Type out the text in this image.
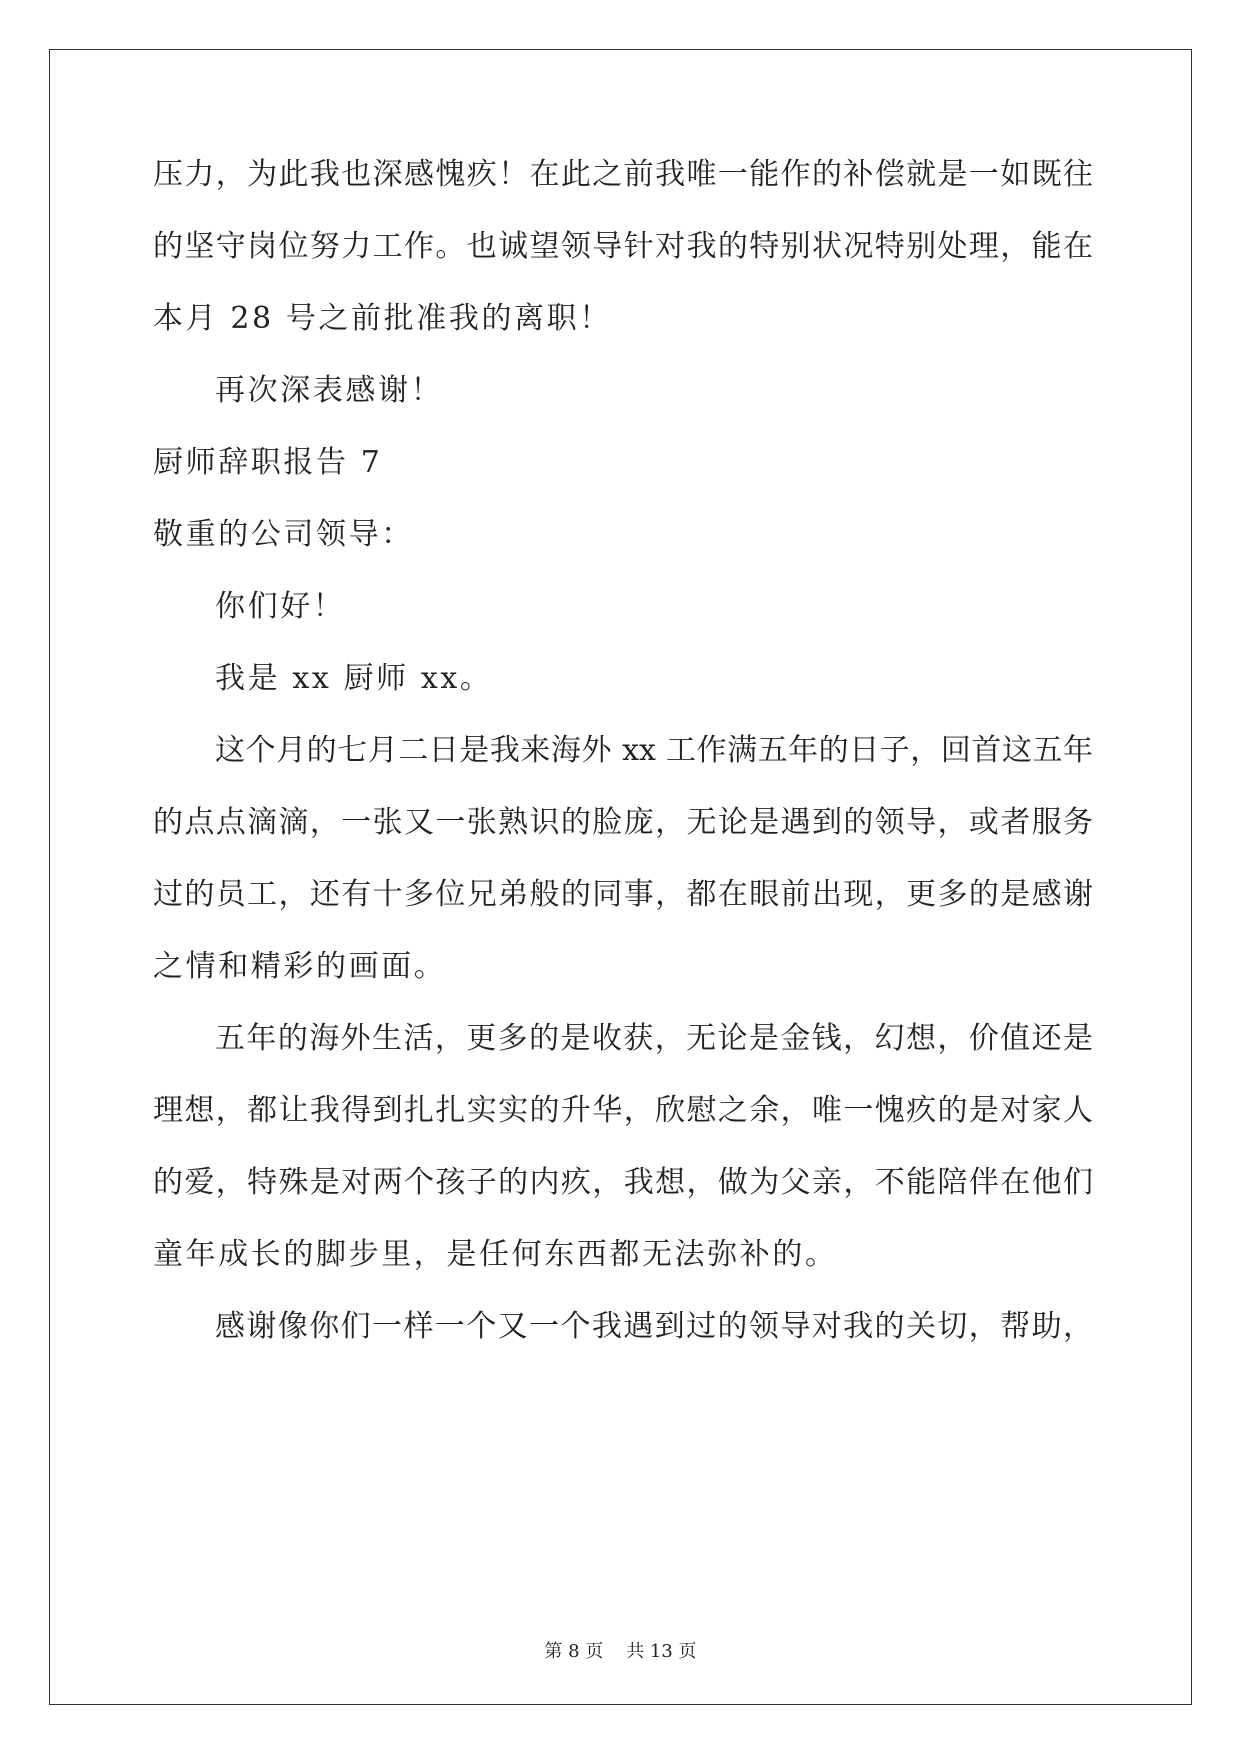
压力，为此我也深感愧疚！在此之前我唯一能作的补偿就是一如既往
的坚守岗位努力工作。也诚望领导针对我的特别状况特别处理，能在
本月 28 号之前批准我的离职！
再次深表感谢！
厨师辞职报告 7
敬重的公司领导：
你们好！
我是 xx 厨师 xx。
这个月的七月二日是我来海外 xx 工作满五年的日子，回首这五年
的点点滴滴，一张又一张熟识的脸庞，无论是遇到的领导，或者服务
过的员工，还有十多位兄弟般的同事，都在眼前出现，更多的是感谢
之情和精彩的画面。
五年的海外生活，更多的是收获，无论是金钱，幻想，价值还是
理想，都让我得到扎扎实实的升华，欣慰之余，唯一愧疚的是对家人
的爱，特殊是对两个孩子的内疚，我想，做为父亲，不能陪伴在他们
童年成长的脚步里，是任何东西都无法弥补的。
感谢像你们一样一个又一个我遇到过的领导对我的关切，帮助，
第 8 页    共 13 页
